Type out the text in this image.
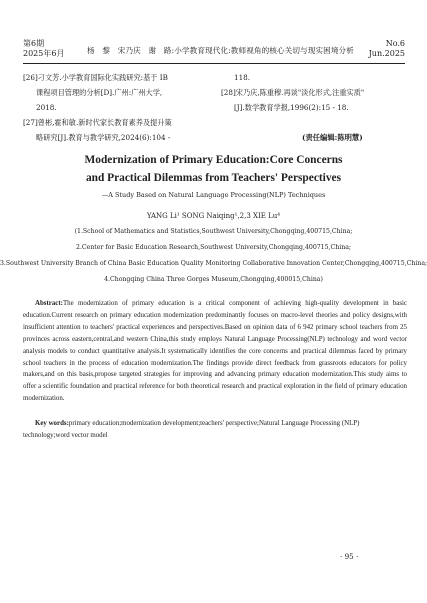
第6期
2025年6月	杨　黎　宋乃庆　谢　路:小学教育现代化:教师视角的核心关切与现实困境分析
No.6
Jun.2025
[26]刁文芳.小学教育国际化实践研究:基于 IB
课程项目管理的分析[D].广州:广州大学,
2018.
[27]曾彬,霍和敏.新时代家长教育素养及提升策
略研究[J].教育与教学研究,2024(6):104 -
118.
[28]宋乃庆,陈重穆.再谈"淡化形式,注重实质"
[J].数学教育学报,1996(2):15 - 18.
(责任编辑:陈明慧)
Modernization of Primary Education:Core Concerns
and Practical Dilemmas from Teachers' Perspectives
—A Study Based on Natural Language Processing(NLP) Techniques
YANG Li¹ SONG Naiqing¹,2,3 XIE Lu⁴
(1.School of Mathematics and Statistics,Southwest University,Chongqing,400715,China;
2.Center for Basic Education Research,Southwest University,Chongqing,400715,China;
3.Southwest University Branch of China Basic Education Quality Monitoring Collaborative Innovation Center,Chongqing,400715,China;
4.Chongqing China Three Gorges Museum,Chongqing,400015,China)
Abstract:The modernization of primary education is a critical component of achieving high-quality development in basic education.Current research on primary education modernization predominantly focuses on macro-level theories and policy designs,with insufficient attention to teachers' practical experiences and perspectives.Based on opinion data of 6 942 primary school teachers from 25 provinces across eastern,central,and western China,this study employs Natural Language Processing(NLP) technology and word vector analysis models to conduct quantitative analysis.It systematically identifies the core concerns and practical dilemmas faced by primary school teachers in the process of education modernization.The findings provide direct feedback from grassroots educators for policy makers,and on this basis,propose targeted strategies for improving and advancing primary education modernization.This study aims to offer a scientific foundation and practical reference for both theoretical research and practical exploration in the field of primary education modernization.
Key words:primary education;modernization development;teachers' perspective;Natural Language Processing (NLP) technology;word vector model
· 95 ·
